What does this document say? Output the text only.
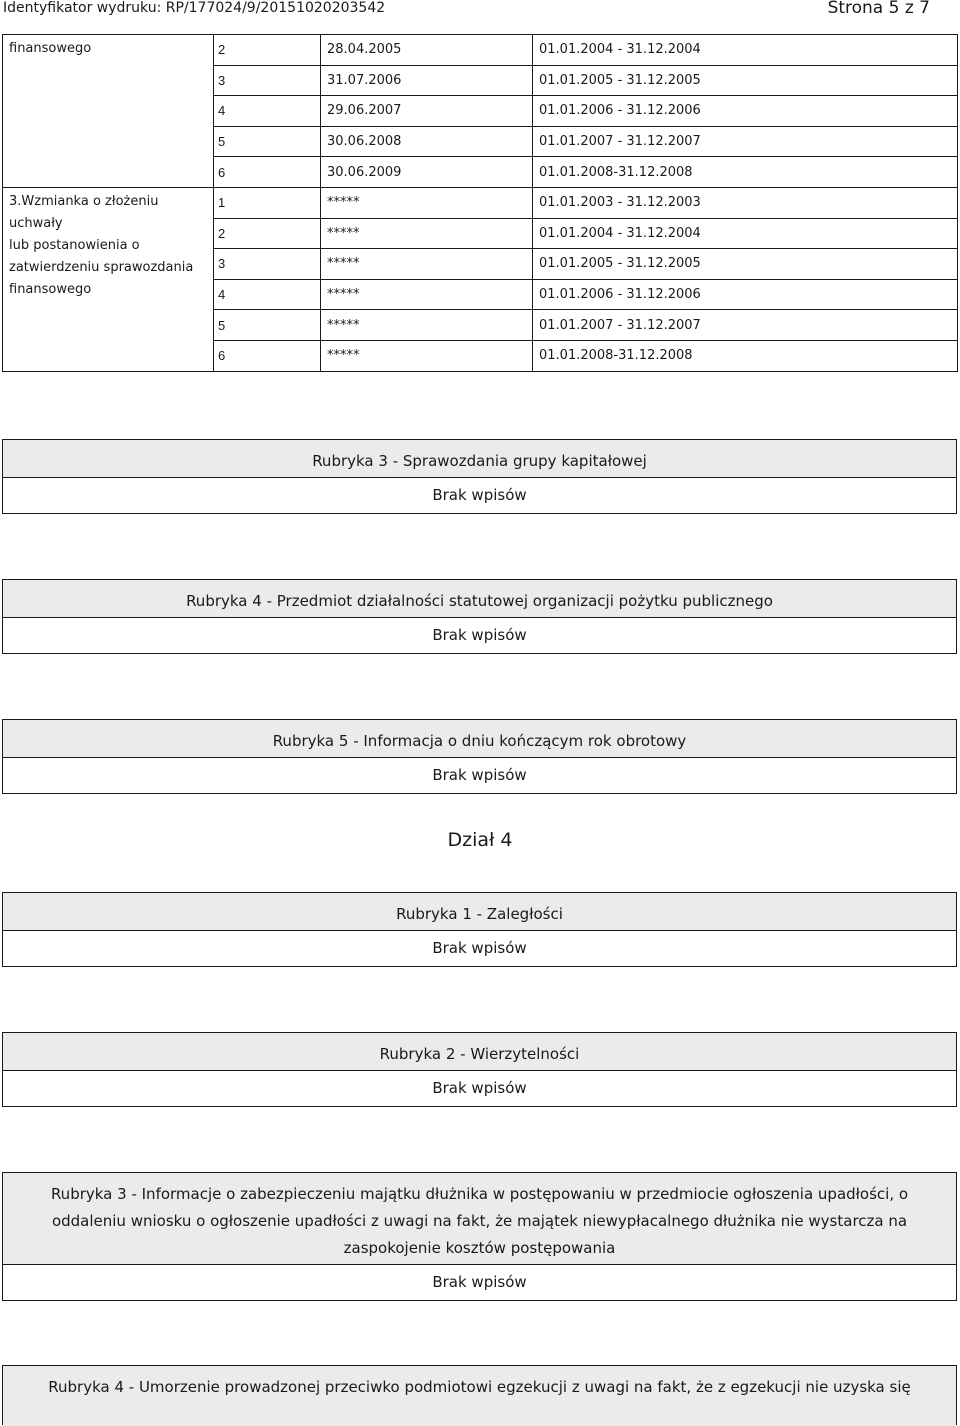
Identyfikator wydruku: RP/177024/9/20151020203542	Strona 5 z 7
finansowego	2	28.04.2005	01.01.2004 - 31.12.2004
	3	31.07.2006	01.01.2005 - 31.12.2005
	4	29.06.2007	01.01.2006 - 31.12.2006
	5	30.06.2008	01.01.2007 - 31.12.2007
	6	30.06.2009	01.01.2008-31.12.2008

3.Wzmianka o złożeniu uchwały
lub postanowienia o
zatwierdzeniu sprawozdania
finansowego	1	*****	01.01.2003 - 31.12.2003
	2	*****	01.01.2004 - 31.12.2004
	3	*****	01.01.2005 - 31.12.2005
	4	*****	01.01.2006 - 31.12.2006
	5	*****	01.01.2007 - 31.12.2007
	6	*****	01.01.2008-31.12.2008
Rubryka 3 - Sprawozdania grupy kapitałowej
Brak wpisów
Rubryka 4 - Przedmiot działalności statutowej organizacji pożytku publicznego
Brak wpisów
Rubryka 5 - Informacja o dniu kończącym rok obrotowy
Brak wpisów
Dział 4
Rubryka 1 - Zaległości
Brak wpisów
Rubryka 2 - Wierzytelności
Brak wpisów
Rubryka 3 - Informacje o zabezpieczeniu majątku dłużnika w postępowaniu w przedmiocie ogłoszenia upadłości, o oddaleniu wniosku o ogłoszenie upadłości z uwagi na fakt, że majątek niewypłacalnego dłużnika nie wystarcza na zaspokojenie kosztów postępowania
Brak wpisów
Rubryka 4 - Umorzenie prowadzonej przeciwko podmiotowi egzekucji z uwagi na fakt, że z egzekucji nie uzyska się
